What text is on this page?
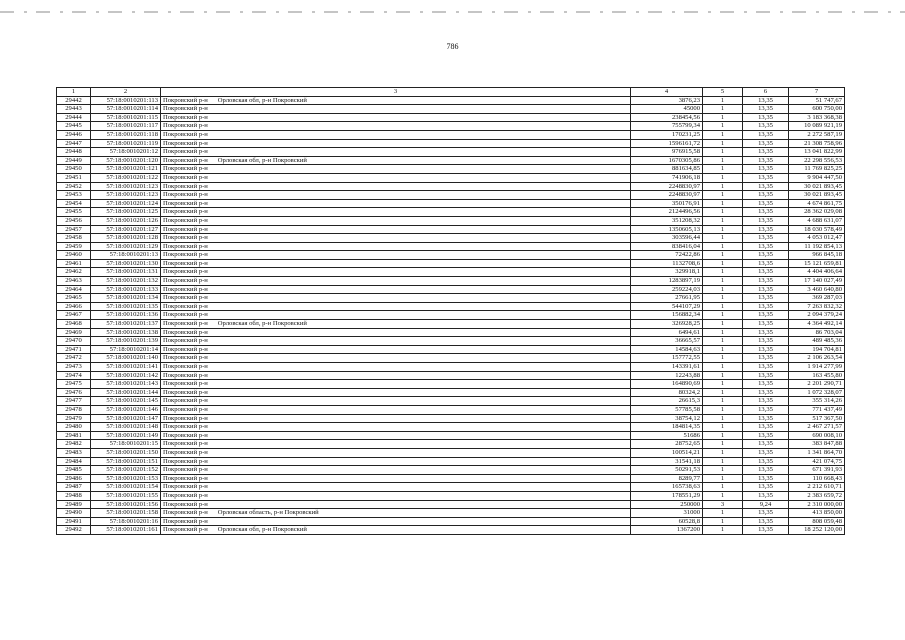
786
1	2	3	4	5	6	7
29442	57:18:0010201:113	Покровский р-н Орловская обл, р-н Покровский	3876,23	1	13,35	51 747,67
29443	57:18:0010201:114	Покровский р-н	45000	1	13,35	600 750,00
29444	57:18:0010201:115	Покровский р-н	238454,56	1	13,35	3 183 368,38
29445	57:18:0010201:117	Покровский р-н	755799,34	1	13,35	10 089 921,19
29446	57:18:0010201:118	Покровский р-н	170231,25	1	13,35	2 272 587,19
29447	57:18:0010201:119	Покровский р-н	1596161,72	1	13,35	21 308 758,96
29448	57:18:0010201:12	Покровский р-н	976915,58	1	13,35	13 041 822,99
29449	57:18:0010201:120	Покровский р-н Орловская обл, р-н Покровский	1670305,86	1	13,35	22 298 556,53
29450	57:18:0010201:121	Покровский р-н	881634,85	1	13,35	11 769 825,25
29451	57:18:0010201:122	Покровский р-н	741906,18	1	13,35	9 904 447,50
29452	57:18:0010201:123	Покровский р-н	2248830,97	1	13,35	30 021 893,45
29453	57:18:0010201:123	Покровский р-н	2248830,97	1	13,35	30 021 893,45
29454	57:18:0010201:124	Покровский р-н	350176,91	1	13,35	4 674 861,75
29455	57:18:0010201:125	Покровский р-н	2124496,56	1	13,35	28 362 029,08
29456	57:18:0010201:126	Покровский р-н	351208,32	1	13,35	4 688 631,07
29457	57:18:0010201:127	Покровский р-н	1350605,13	1	13,35	18 030 578,49
29458	57:18:0010201:128	Покровский р-н	303596,44	1	13,35	4 053 012,47
29459	57:18:0010201:129	Покровский р-н	838416,04	1	13,35	11 192 854,13
29460	57:18:0010201:13	Покровский р-н	72422,86	1	13,35	966 845,18
29461	57:18:0010201:130	Покровский р-н	1132708,6	1	13,35	15 121 659,81
29462	57:18:0010201:131	Покровский р-н	329918,1	1	13,35	4 404 406,64
29463	57:18:0010201:132	Покровский р-н	1283897,19	1	13,35	17 140 027,49
29464	57:18:0010201:133	Покровский р-н	259224,03	1	13,35	3 460 640,80
29465	57:18:0010201:134	Покровский р-н	27661,95	1	13,35	369 287,03
29466	57:18:0010201:135	Покровский р-н	544107,29	1	13,35	7 263 832,32
29467	57:18:0010201:136	Покровский р-н	156882,34	1	13,35	2 094 379,24
29468	57:18:0010201:137	Покровский р-н Орловская обл, р-н Покровский	326928,25	1	13,35	4 364 492,14
29469	57:18:0010201:138	Покровский р-н	6494,61	1	13,35	86 703,04
29470	57:18:0010201:139	Покровский р-н	36665,57	1	13,35	489 485,36
29471	57:18:0010201:14	Покровский р-н	14584,63	1	13,35	194 704,81
29472	57:18:0010201:140	Покровский р-н	157772,55	1	13,35	2 106 263,54
29473	57:18:0010201:141	Покровский р-н	143391,61	1	13,35	1 914 277,99
29474	57:18:0010201:142	Покровский р-н	12243,88	1	13,35	163 455,80
29475	57:18:0010201:143	Покровский р-н	164890,69	1	13,35	2 201 290,71
29476	57:18:0010201:144	Покровский р-н	80324,2	1	13,35	1 072 328,07
29477	57:18:0010201:145	Покровский р-н	26615,3	1	13,35	355 314,26
29478	57:18:0010201:146	Покровский р-н	57785,58	1	13,35	771 437,49
29479	57:18:0010201:147	Покровский р-н	38754,12	1	13,35	517 367,50
29480	57:18:0010201:148	Покровский р-н	184814,35	1	13,35	2 467 271,57
29481	57:18:0010201:149	Покровский р-н	51686	1	13,35	690 008,10
29482	57:18:0010201:15	Покровский р-н	28752,65	1	13,35	383 847,88
29483	57:18:0010201:150	Покровский р-н	100514,21	1	13,35	1 341 864,70
29484	57:18:0010201:151	Покровский р-н	31541,18	1	13,35	421 074,75
29485	57:18:0010201:152	Покровский р-н	50291,53	1	13,35	671 391,93
29486	57:18:0010201:153	Покровский р-н	8289,77	1	13,35	110 668,43
29487	57:18:0010201:154	Покровский р-н	165738,63	1	13,35	2 212 610,71
29488	57:18:0010201:155	Покровский р-н	178551,29	1	13,35	2 383 659,72
29489	57:18:0010201:156	Покровский р-н	250000	3	9,24	2 310 000,00
29490	57:18:0010201:158	Покровский р-н Орловская область, р-н Покровский	31000	1	13,35	413 850,00
29491	57:18:0010201:16	Покровский р-н	60528,8	1	13,35	808 059,48
29492	57:18:0010201:161	Покровский р-н Орловская обл, р-н Покровский	1367200	1	13,35	18 252 120,00
